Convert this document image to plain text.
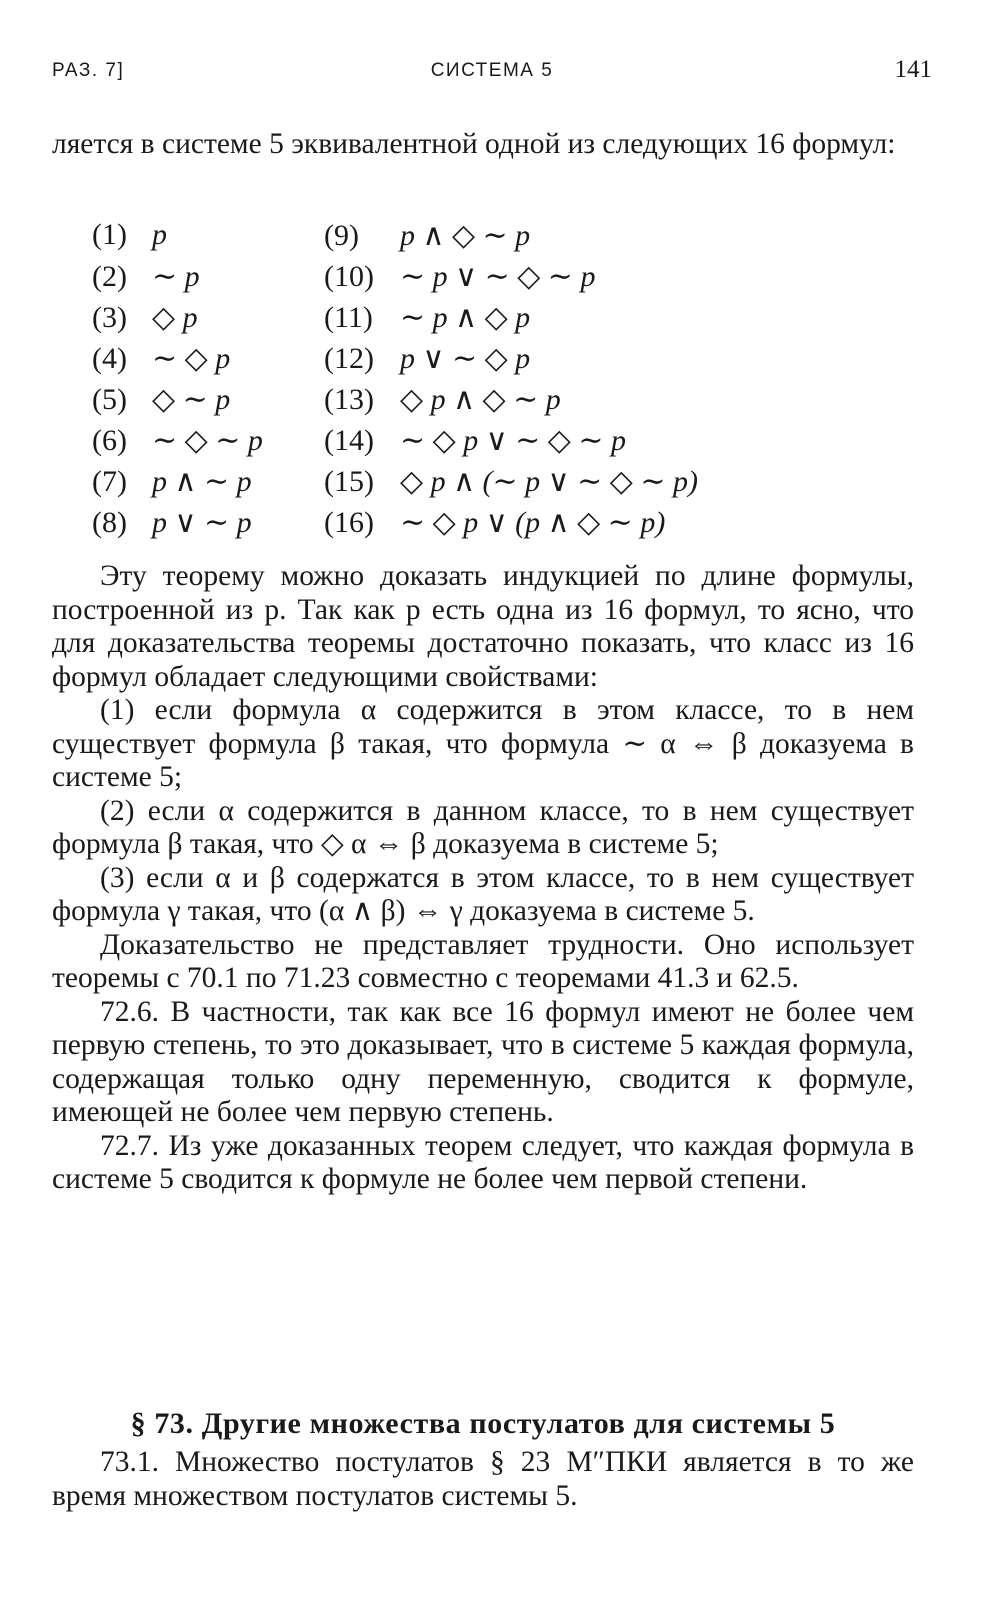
РАЗ. 7]	СИСТЕМА 5	141

ляется в системе 5 эквивалентной одной из следующих 16 формул:

(1) p	(9) p ∧ ◇ ∼ p
(2) ∼ p	(10) ∼ p ∨ ∼ ◇ ∼ p
(3) ◇ p	(11) ∼ p ∧ ◇ p
(4) ∼ ◇ p	(12) p ∨ ∼ ◇ p
(5) ◇ ∼ p	(13) ◇ p ∧ ◇ ∼ p
(6) ∼ ◇ ∼ p (14) ∼ ◇ p ∨ ∼ ◇ ∼ p
(7) p ∧ ∼ p (15) ◇ p ∧ (∼ p ∨ ∼ ◇ ∼ p)
(8) p ∨ ∼ p (16) ∼ ◇ p ∨ (p ∧ ◇ ∼ p)

Эту теорему можно доказать индукцией по длине формулы, построенной из p. Так как p есть одна из 16 формул, то ясно, что для доказательства теоремы достаточно показать, что класс из 16 формул обладает следующими свойствами:

(1) если формула α содержится в этом классе, то в нем существует формула β такая, что формула ∼ α ⇔ β доказуема в системе 5;

(2) если α содержится в данном классе, то в нем существует формула β такая, что ◇ α ⇔ β доказуема в системе 5;

(3) если α и β содержатся в этом классе, то в нем существует формула γ такая, что (α ∧ β) ⇔ γ доказуема в системе 5.

Доказательство не представляет трудности. Оно использует теоремы с 70.1 по 71.23 совместно с теоремами 41.3 и 62.5.

72.6. В частности, так как все 16 формул имеют не более чем первую степень, то это доказывает, что в системе 5 каждая формула, содержащая только одну переменную, сводится к формуле, имеющей не более чем первую степень.

72.7. Из уже доказанных теорем следует, что каждая формула в системе 5 сводится к формуле не более чем первой степени.

§ 73. Другие множества постулатов для системы 5

73.1. Множество постулатов § 23 M″ПКИ является в то же время множеством постулатов системы 5.
